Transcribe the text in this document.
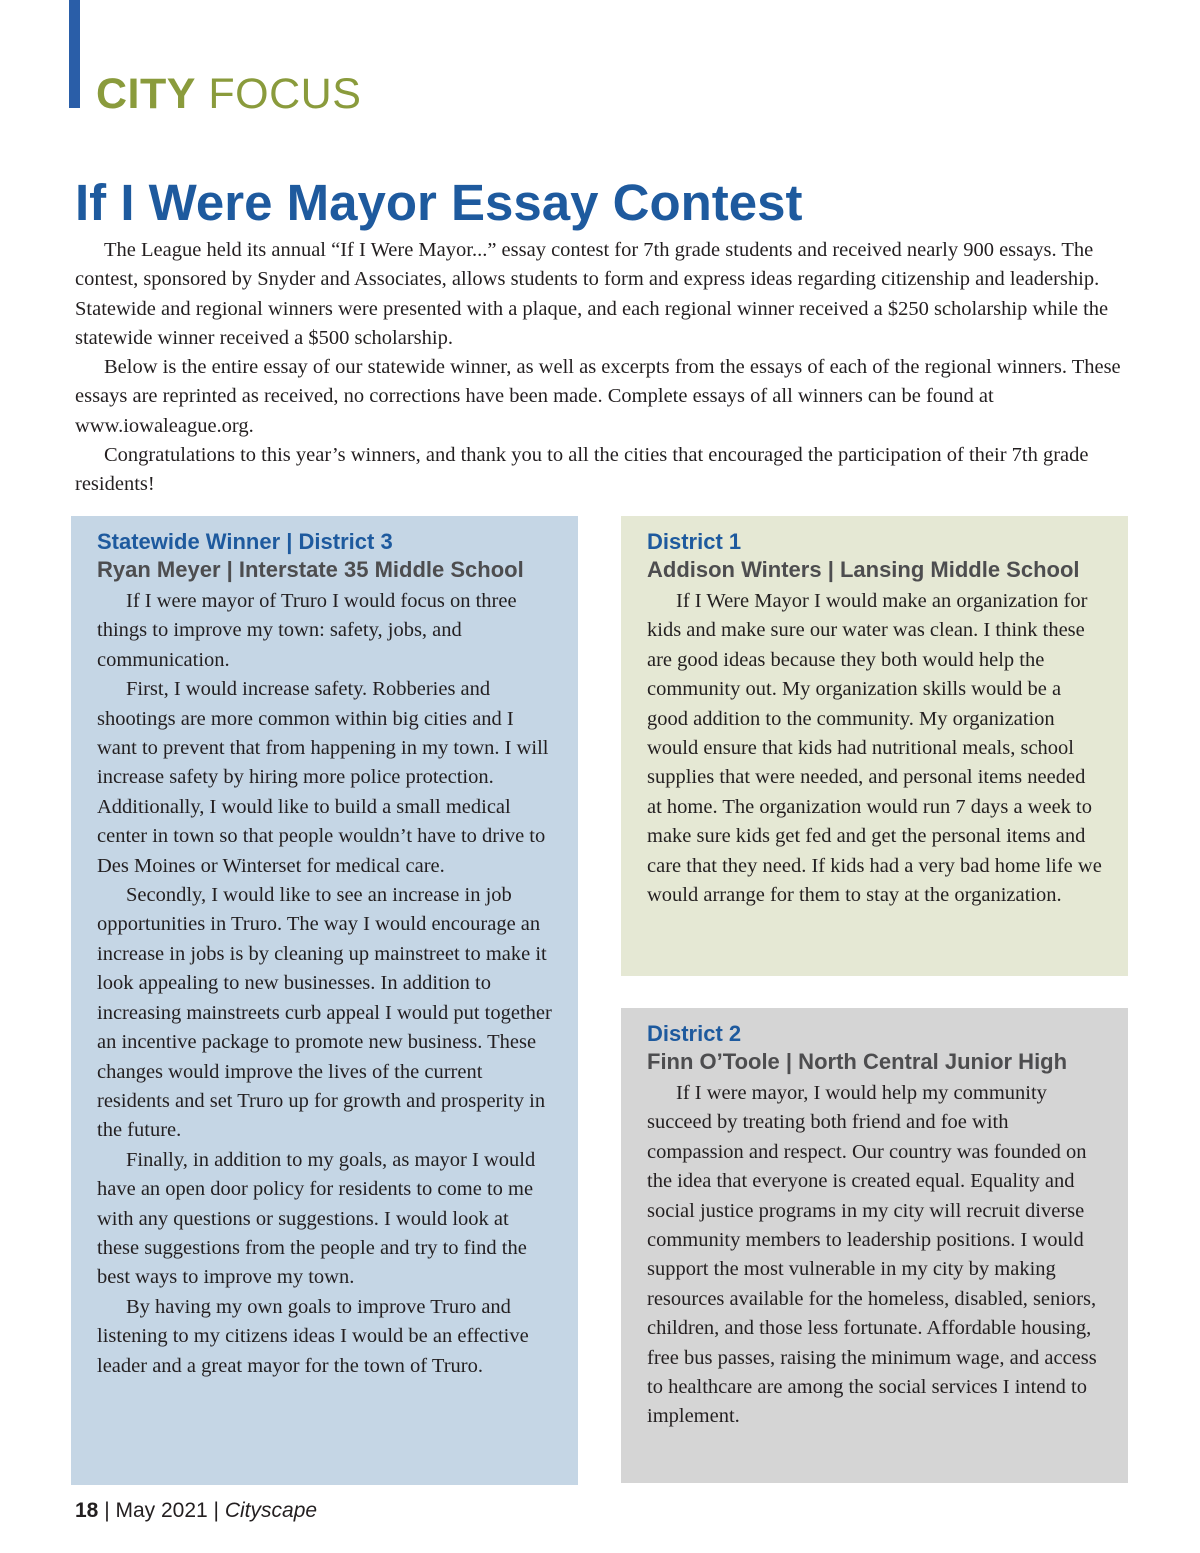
CITY FOCUS
If I Were Mayor Essay Contest

The League held its annual “If I Were Mayor...” essay contest for 7th grade students and received nearly 900 essays. The contest, sponsored by Snyder and Associates, allows students to form and express ideas regarding citizenship and leadership. Statewide and regional winners were presented with a plaque, and each regional winner received a $250 scholarship while the statewide winner received a $500 scholarship.

Below is the entire essay of our statewide winner, as well as excerpts from the essays of each of the regional winners. These essays are reprinted as received, no corrections have been made. Complete essays of all winners can be found at www.iowaleague.org.

Congratulations to this year’s winners, and thank you to all the cities that encouraged the participation of their 7th grade residents!

Statewide Winner | District 3
Ryan Meyer | Interstate 35 Middle School

If I were mayor of Truro I would focus on three things to improve my town: safety, jobs, and communication.

First, I would increase safety. Robberies and shootings are more common within big cities and I want to prevent that from happening in my town. I will increase safety by hiring more police protection. Additionally, I would like to build a small medical center in town so that people wouldn’t have to drive to Des Moines or Winterset for medical care.

Secondly, I would like to see an increase in job opportunities in Truro. The way I would encourage an increase in jobs is by cleaning up mainstreet to make it look appealing to new businesses. In addition to increasing mainstreets curb appeal I would put together an incentive package to promote new business. These changes would improve the lives of the current residents and set Truro up for growth and prosperity in the future.

Finally, in addition to my goals, as mayor I would have an open door policy for residents to come to me with any questions or suggestions. I would look at these suggestions from the people and try to find the best ways to improve my town.

By having my own goals to improve Truro and listening to my citizens ideas I would be an effective leader and a great mayor for the town of Truro.

District 1
Addison Winters | Lansing Middle School

If I Were Mayor I would make an organization for kids and make sure our water was clean. I think these are good ideas because they both would help the community out. My organization skills would be a good addition to the community. My organization would ensure that kids had nutritional meals, school supplies that were needed, and personal items needed at home. The organization would run 7 days a week to make sure kids get fed and get the personal items and care that they need. If kids had a very bad home life we would arrange for them to stay at the organization.

District 2
Finn O’Toole | North Central Junior High

If I were mayor, I would help my community succeed by treating both friend and foe with compassion and respect. Our country was founded on the idea that everyone is created equal. Equality and social justice programs in my city will recruit diverse community members to leadership positions. I would support the most vulnerable in my city by making resources available for the homeless, disabled, seniors, children, and those less fortunate. Affordable housing, free bus passes, raising the minimum wage, and access to healthcare are among the social services I intend to implement.

18 | May 2021 | Cityscape
